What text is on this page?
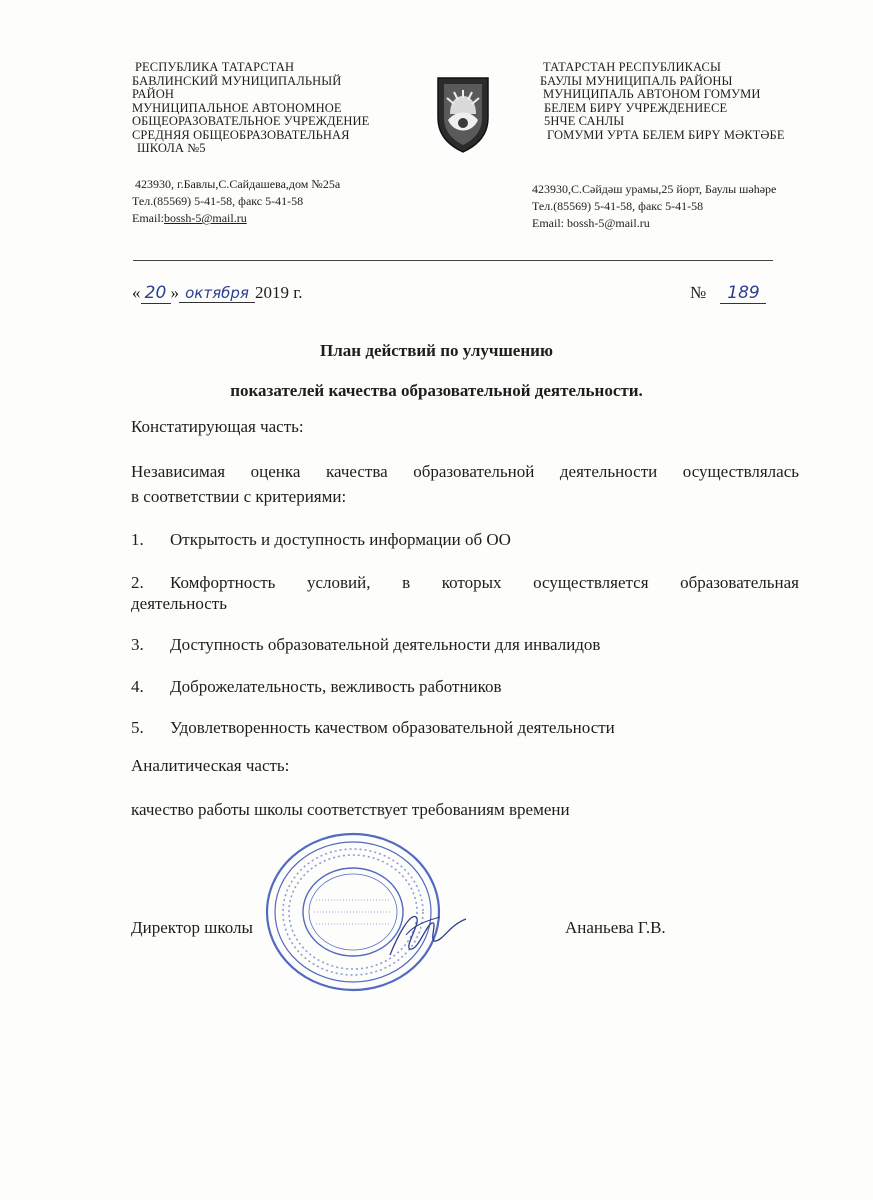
РЕСПУБЛИКА ТАТАРСТАН
БАВЛИНСКИЙ МУНИЦИПАЛЬНЫЙ
РАЙОН
МУНИЦИПАЛЬНОЕ АВТОНОМНОЕ
ОБЩЕОРАЗОВАТЕЛЬНОЕ УЧРЕЖДЕНИЕ
СРЕДНЯЯ ОБЩЕОБРАЗОВАТЕЛЬНАЯ
ШКОЛА №5
423930, г.Бавлы,С.Сайдашева,дом №25а
Тел.(85569) 5-41-58, факс 5-41-58
Email:bossh-5@mail.ru
ТАТАРСТАН РЕСПУБЛИКАСЫ
БАУЛЫ МУНИЦИПАЛЬ РАЙОНЫ
МУНИЦИПАЛЬ АВТОНОМ ГОМУМИ
БЕЛЕМ БИРҮ УЧРЕЖДЕНИЕСЕ
5НЧЕ САНЛЫ
ГОМУМИ УРТА БЕЛЕМ БИРҮ МӘКТӘБЕ
423930,С.Сәйдәш урамы,25 йорт, Баулы шәһәре
Тел.(85569) 5-41-58, факс 5-41-58
Email: bossh-5@mail.ru
« 20 » октября 2019 г.	№ 189
План действий по улучшению
показателей качества образовательной деятельности.
Констатирующая часть:
Независимая оценка качества образовательной деятельности осуществлялась
в соответствии с критериями:
1. Открытость и доступность информации об ОО
2. Комфортность условий, в которых осуществляется образовательная
деятельность
3. Доступность образовательной деятельности для инвалидов
4. Доброжелательность, вежливость работников
5. Удовлетворенность качеством образовательной деятельности
Аналитическая часть:
качество работы школы соответствует требованиям времени
Директор школы	Ананьева Г.В.
